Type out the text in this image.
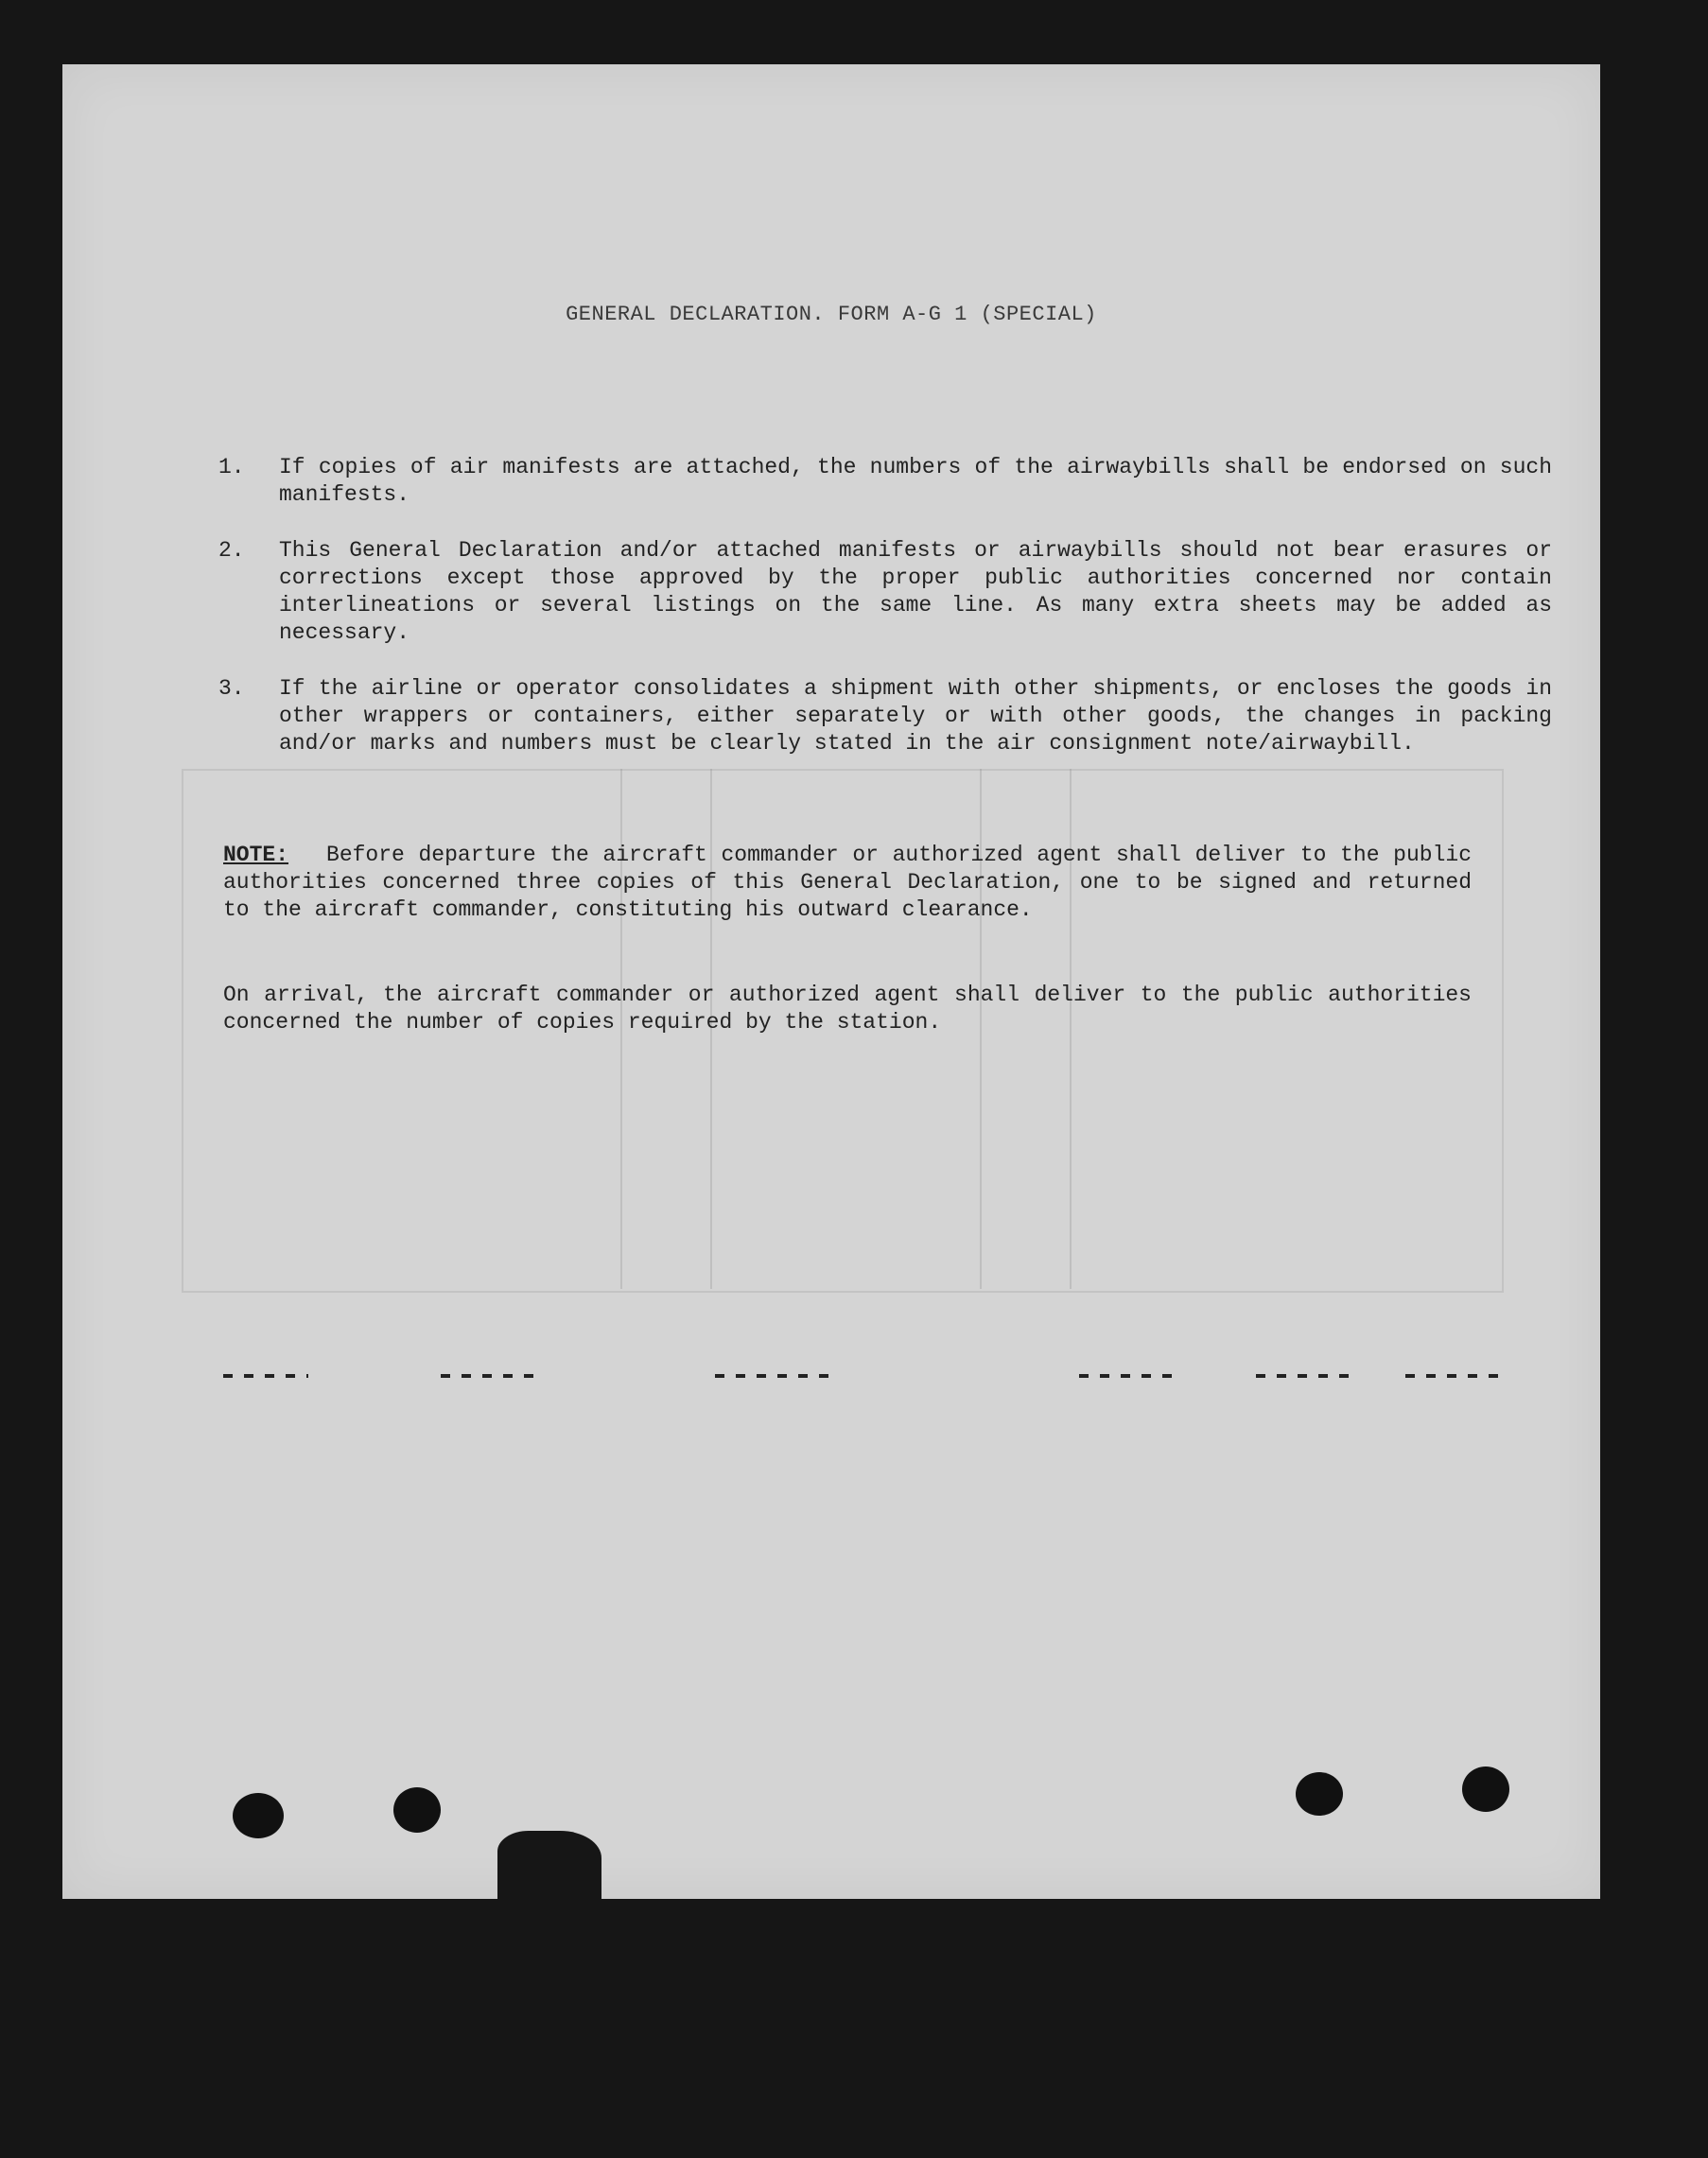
GENERAL DECLARATION. FORM A-G 1 (SPECIAL)
1. If copies of air manifests are attached, the numbers of the airwaybills shall be endorsed on such manifests.
2. This General Declaration and/or attached manifests or airwaybills should not bear erasures or corrections except those approved by the proper public authorities concerned nor contain interlineations or several listings on the same line. As many extra sheets may be added as necessary.
3. If the airline or operator consolidates a shipment with other shipments, or encloses the goods in other wrappers or containers, either separately or with other goods, the changes in packing and/or marks and numbers must be clearly stated in the air consignment note/airwaybill.
NOTE: Before departure the aircraft commander or authorized agent shall deliver to the public authorities concerned three copies of this General Declaration, one to be signed and returned to the aircraft commander, constituting his outward clearance.
On arrival, the aircraft commander or authorized agent shall deliver to the public authorities concerned the number of copies required by the station.
